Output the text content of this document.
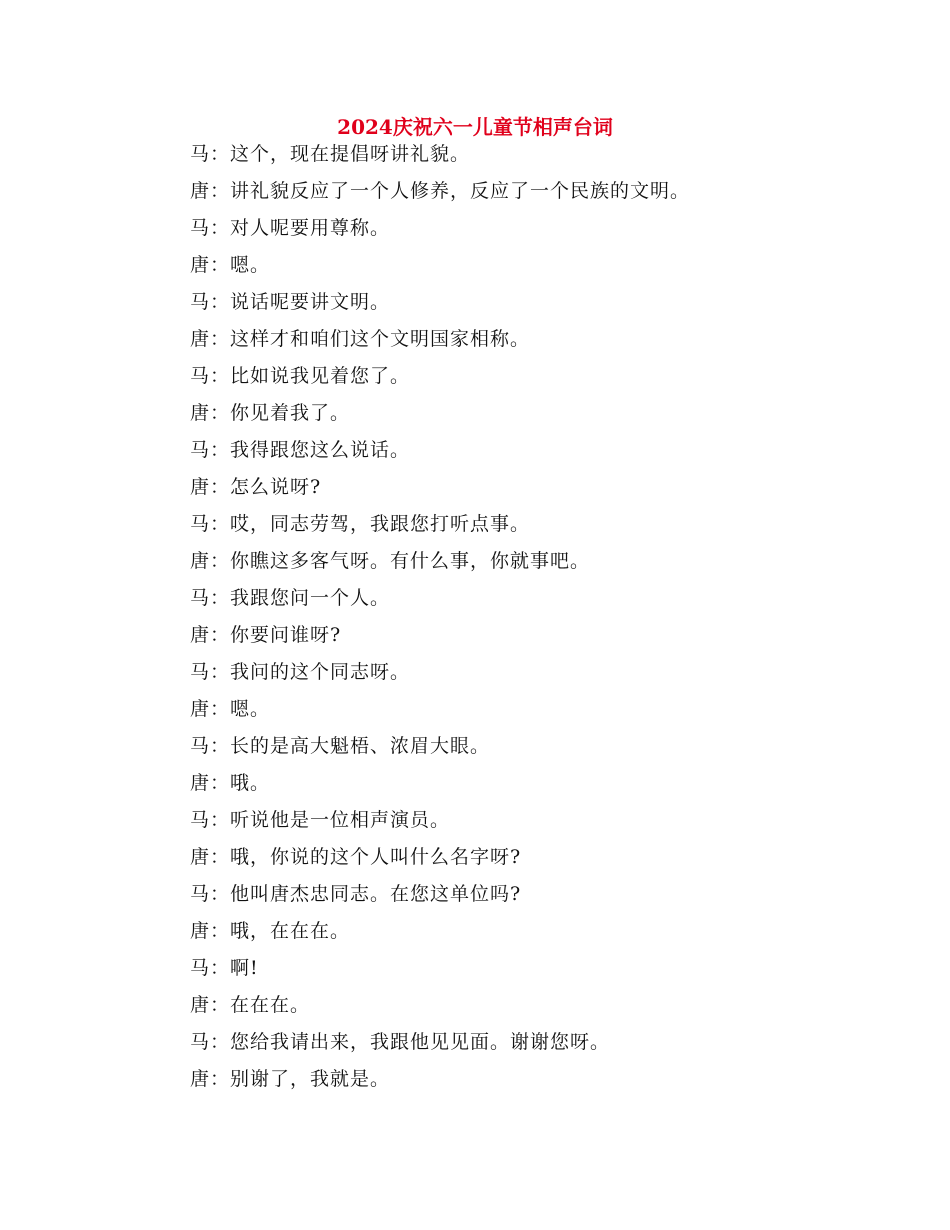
2024庆祝六一儿童节相声台词
马：这个，现在提倡呀讲礼貌。
唐：讲礼貌反应了一个人修养，反应了一个民族的文明。
马：对人呢要用尊称。
唐：嗯。
马：说话呢要讲文明。
唐：这样才和咱们这个文明国家相称。
马：比如说我见着您了。
唐：你见着我了。
马：我得跟您这么说话。
唐：怎么说呀?
马：哎，同志劳驾，我跟您打听点事。
唐：你瞧这多客气呀。有什么事，你就事吧。
马：我跟您问一个人。
唐：你要问谁呀?
马：我问的这个同志呀。
唐：嗯。
马：长的是高大魁梧、浓眉大眼。
唐：哦。
马：听说他是一位相声演员。
唐：哦，你说的这个人叫什么名字呀?
马：他叫唐杰忠同志。在您这单位吗?
唐：哦，在在在。
马：啊!
唐：在在在。
马：您给我请出来，我跟他见见面。谢谢您呀。
唐：别谢了，我就是。
